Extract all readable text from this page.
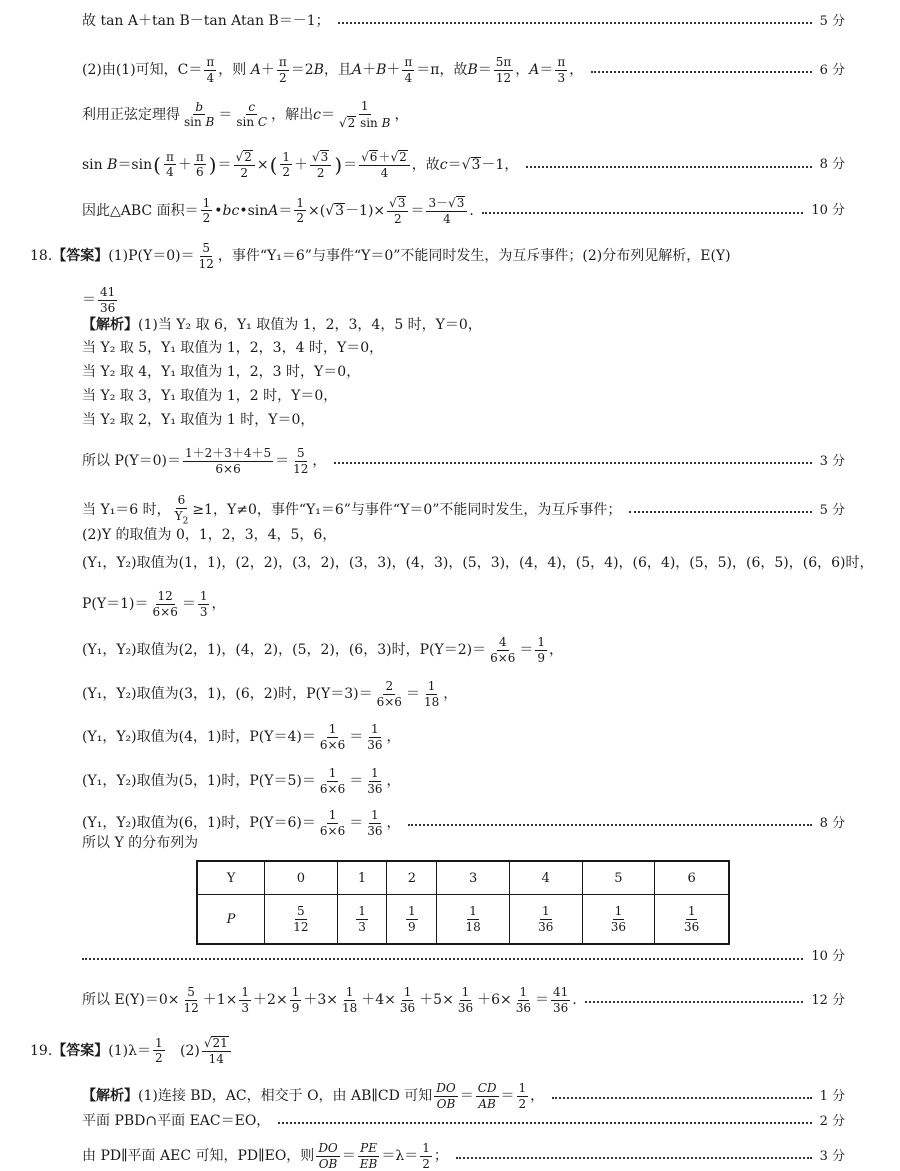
故 tan A＋tan B－tan Atan B＝－1；	5 分
(2)由(1)可知，$C= \frac{\pi}{4}$ ，则 $A + \frac{\pi}{2} =2$ B ，且 $A + B + \frac{\pi}{4} =\pi$，故 $B = \frac{5\pi}{12}$ ， $A = \frac{\pi}{3}$ ，	6 分
利用正弦定理得 $\frac{b}{\text{sin B}} = \frac{c}{\text{sin C}}$ ，解出 $c = \frac{1}{\text{√ 2 sin B}}$ ，
sin B ＝sin ( $\frac{\pi}{4} + \frac{\pi}{6}$ ) ＝ $\frac{√ 2}{2}$ × ( $\frac{1}{2} + \frac{√ 3}{2}$ ) ＝ $\frac{√ 6 +√ 2}{4}$ ，故 c ＝ √ 3 －1，	8 分
因此△ABC 面积＝ $\frac{1}{2}$ • bc •sin $A = \frac{1}{2}$ ×( √ $3 -1)\times \frac{√ 3}{2} = \frac{3-√ 3}{4}$ .	10 分
18. 【答案】 $(1)P(Y=0)= \frac{5}{12}$ ，事件“Y₁＝6”与事件“Y＝0”不能同时发生，为互斥事件；(2)分布列见解析，E(Y)
＝ $\frac{41}{36}$
【解析】 (1)当 Y₂ 取 6，Y₁ 取值为 1，2，3，4，5 时，Y＝0，
当 Y₂ 取 5，Y₁ 取值为 1，2，3，4 时，Y＝0，
当 Y₂ 取 4，Y₁ 取值为 1，2，3 时，Y＝0，
当 Y₂ 取 3，Y₁ 取值为 1，2 时，Y＝0，
当 Y₂ 取 2，Y₁ 取值为 1 时，Y＝0，
所以 $P(Y=0)= \frac{1+2+3+4+5}{6\times 6} = \frac{5}{12}$ ，	3 分
当 Y₁＝6 时， $\frac{6}{Y_2} \ge 1$，Y≠0，事件“Y₁＝6”与事件“Y＝0”不能同时发生，为互斥事件；	5 分
(2)Y 的取值为 0，1，2，3，4，5，6，
(Y₁，Y₂)取值为(1，1)，(2，2)，(3，2)，(3，3)，(4，3)，(5，3)，(4，4)，(5，4)，(6，4)，(5，5)，(6，5)，(6，6)时，
$P(Y=1)= \frac{12}{6\times 6} = \frac{1}{3}$ ，
(Y₁，Y₂)取值为(2，1)，(4，2)，(5，2)，(6，3)时，$P(Y=2)= \frac{4}{6\times 6} = \frac{1}{9}$ ，
(Y₁，Y₂)取值为(3，1)，(6，2)时，$P(Y=3)= \frac{2}{6\times 6} = \frac{1}{18}$ ，
(Y₁，Y₂)取值为(4，1)时，$P(Y=4)= \frac{1}{6\times 6} = \frac{1}{36}$ ，
(Y₁，Y₂)取值为(5，1)时，$P(Y=5)= \frac{1}{6\times 6} = \frac{1}{36}$ ，
(Y₁，Y₂)取值为(6，1)时，$P(Y=6)= \frac{1}{6\times 6} = \frac{1}{36}$ ，	8 分
所以 Y 的分布列为
Y	0	1	2	3	4	5	6
P	$\frac{5}{12}$	$\frac{1}{3}$	$\frac{1}{9}$	$\frac{1}{18}$	$\frac{1}{36}$	$\frac{1}{36}$	$\frac{1}{36}$
10 分
所以 $E(Y)=0\times \frac{5}{12} +1\times \frac{1}{3} +2\times \frac{1}{9} +3\times \frac{1}{18} +4\times \frac{1}{36} +5\times \frac{1}{36} +6\times \frac{1}{36} = \frac{41}{36}$ .	12 分
19. 【答案】 $(1)\lambda= \frac{1}{2}$
$(2) \frac{√ 21}{14}$
【解析】 (1)连接 BD，AC，相交于 O，由 AB∥CD 可知 $\frac{DO}{OB} = \frac{CD}{AB} = \frac{1}{2}$ ，	1 分
平面 PBD∩平面 EAC＝EO，	2 分
由 PD∥平面 AEC 可知，PD∥EO，则 $\frac{DO}{OB} = \frac{PE}{EB} =\lambda= \frac{1}{2}$ ；	3 分
